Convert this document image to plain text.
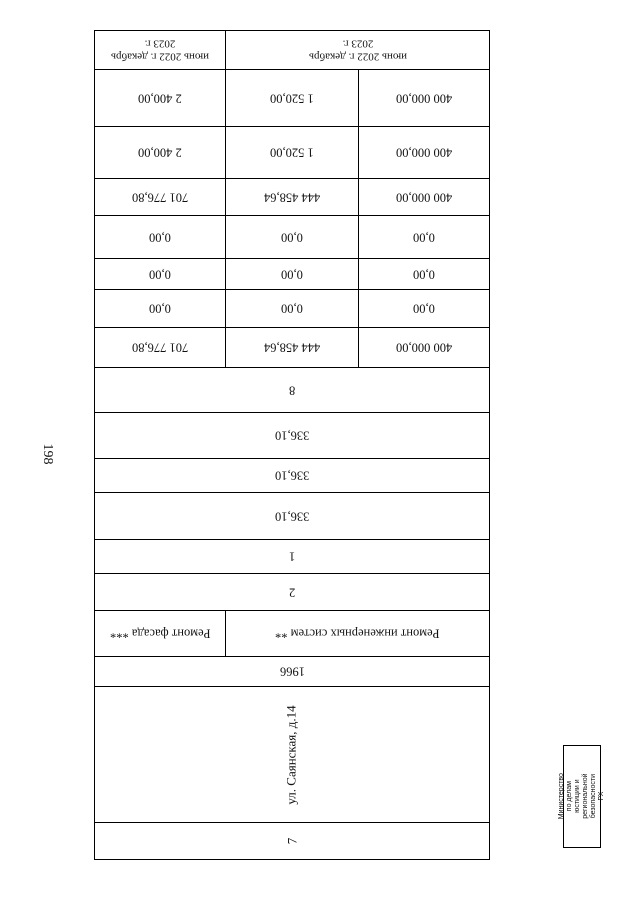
198
июнь 2022 г. декабрь 2023 г.
июнь 2022 г. декабрь 2023 г.
2 400,00	1 520,00	400 000,00
2 400,00	1 520,00	400 000,00
701 776,80	444 458,64	400 000,00
0,00	0,00	0,00
0,00	0,00	0,00
0,00	0,00	0,00
701 776,80	444 458,64	400 000,00
8
336,10
336,10
336,10
1
2
Ремонт фасада ***	Ремонт инженерных систем **
1966
ул. Саянская, д.14
7
Министерство по делам юстиции и региональной безопасности РХ
